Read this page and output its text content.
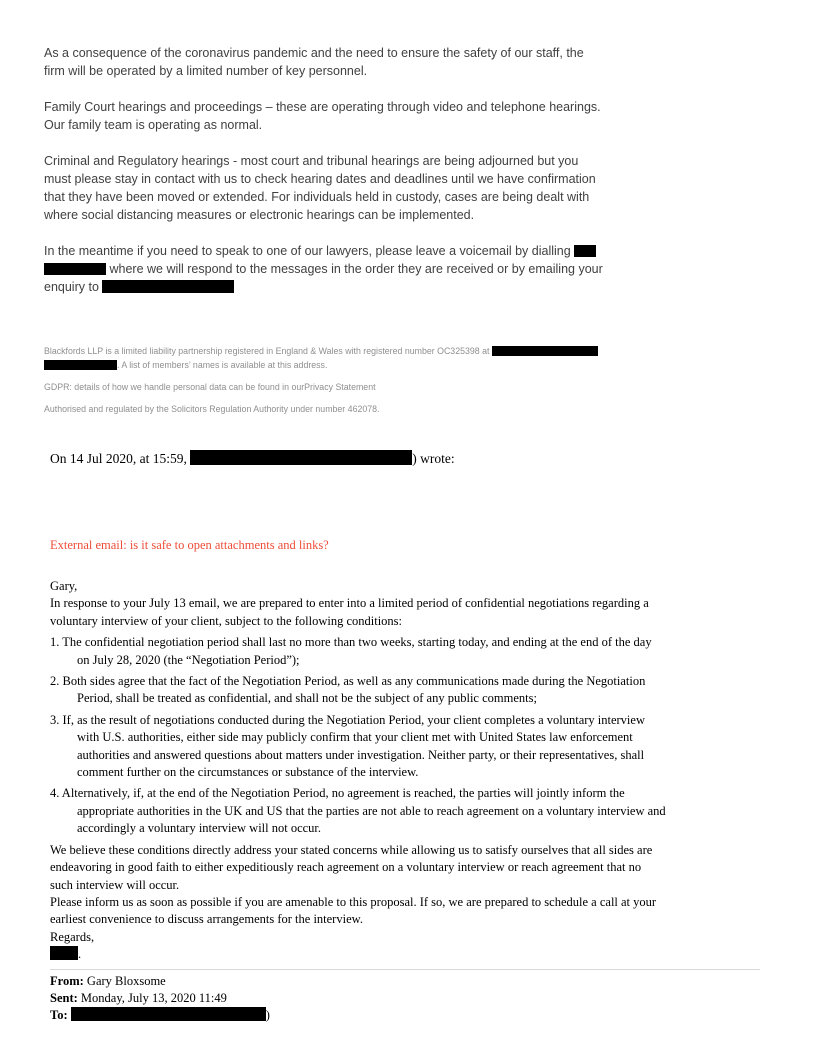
As a consequence of the coronavirus pandemic and the need to ensure the safety of our staff, the
firm will be operated by a limited number of key personnel.
Family Court hearings and proceedings – these are operating through video and telephone hearings.
Our family team is operating as normal.
Criminal and Regulatory hearings - most court and tribunal hearings are being adjourned but you
must please stay in contact with us to check hearing dates and deadlines until we have confirmation
that they have been moved or extended. For individuals held in custody, cases are being dealt with
where social distancing measures or electronic hearings can be implemented.
In the meantime if you need to speak to one of our lawyers, please leave a voicemail by dialling
where we will respond to the messages in the order they are received or by emailing your
enquiry to
Blackfords LLP is a limited liability partnership registered in England & Wales with registered number OC325398 at
. A list of members’ names is available at this address.
GDPR: details of how we handle personal data can be found in ourPrivacy Statement
Authorised and regulated by the Solicitors Regulation Authority under number 462078.
On 14 Jul 2020, at 15:59,	) wrote:
External email: is it safe to open attachments and links?
Gary,
In response to your July 13 email, we are prepared to enter into a limited period of confidential negotiations regarding a
voluntary interview of your client, subject to the following conditions:
1. The confidential negotiation period shall last no more than two weeks, starting today, and ending at the end of the day
on July 28, 2020 (the “Negotiation Period”);
2. Both sides agree that the fact of the Negotiation Period, as well as any communications made during the Negotiation
Period, shall be treated as confidential, and shall not be the subject of any public comments;
3. If, as the result of negotiations conducted during the Negotiation Period, your client completes a voluntary interview
with U.S. authorities, either side may publicly confirm that your client met with United States law enforcement
authorities and answered questions about matters under investigation. Neither party, or their representatives, shall
comment further on the circumstances or substance of the interview.
4. Alternatively, if, at the end of the Negotiation Period, no agreement is reached, the parties will jointly inform the
appropriate authorities in the UK and US that the parties are not able to reach agreement on a voluntary interview and
accordingly a voluntary interview will not occur.
We believe these conditions directly address your stated concerns while allowing us to satisfy ourselves that all sides are
endeavoring in good faith to either expeditiously reach agreement on a voluntary interview or reach agreement that no
such interview will occur.
Please inform us as soon as possible if you are amenable to this proposal. If so, we are prepared to schedule a call at your
earliest convenience to discuss arrangements for the interview.
Regards,
.
From: Gary Bloxsome
Sent: Monday, July 13, 2020 11:49
To:	)
